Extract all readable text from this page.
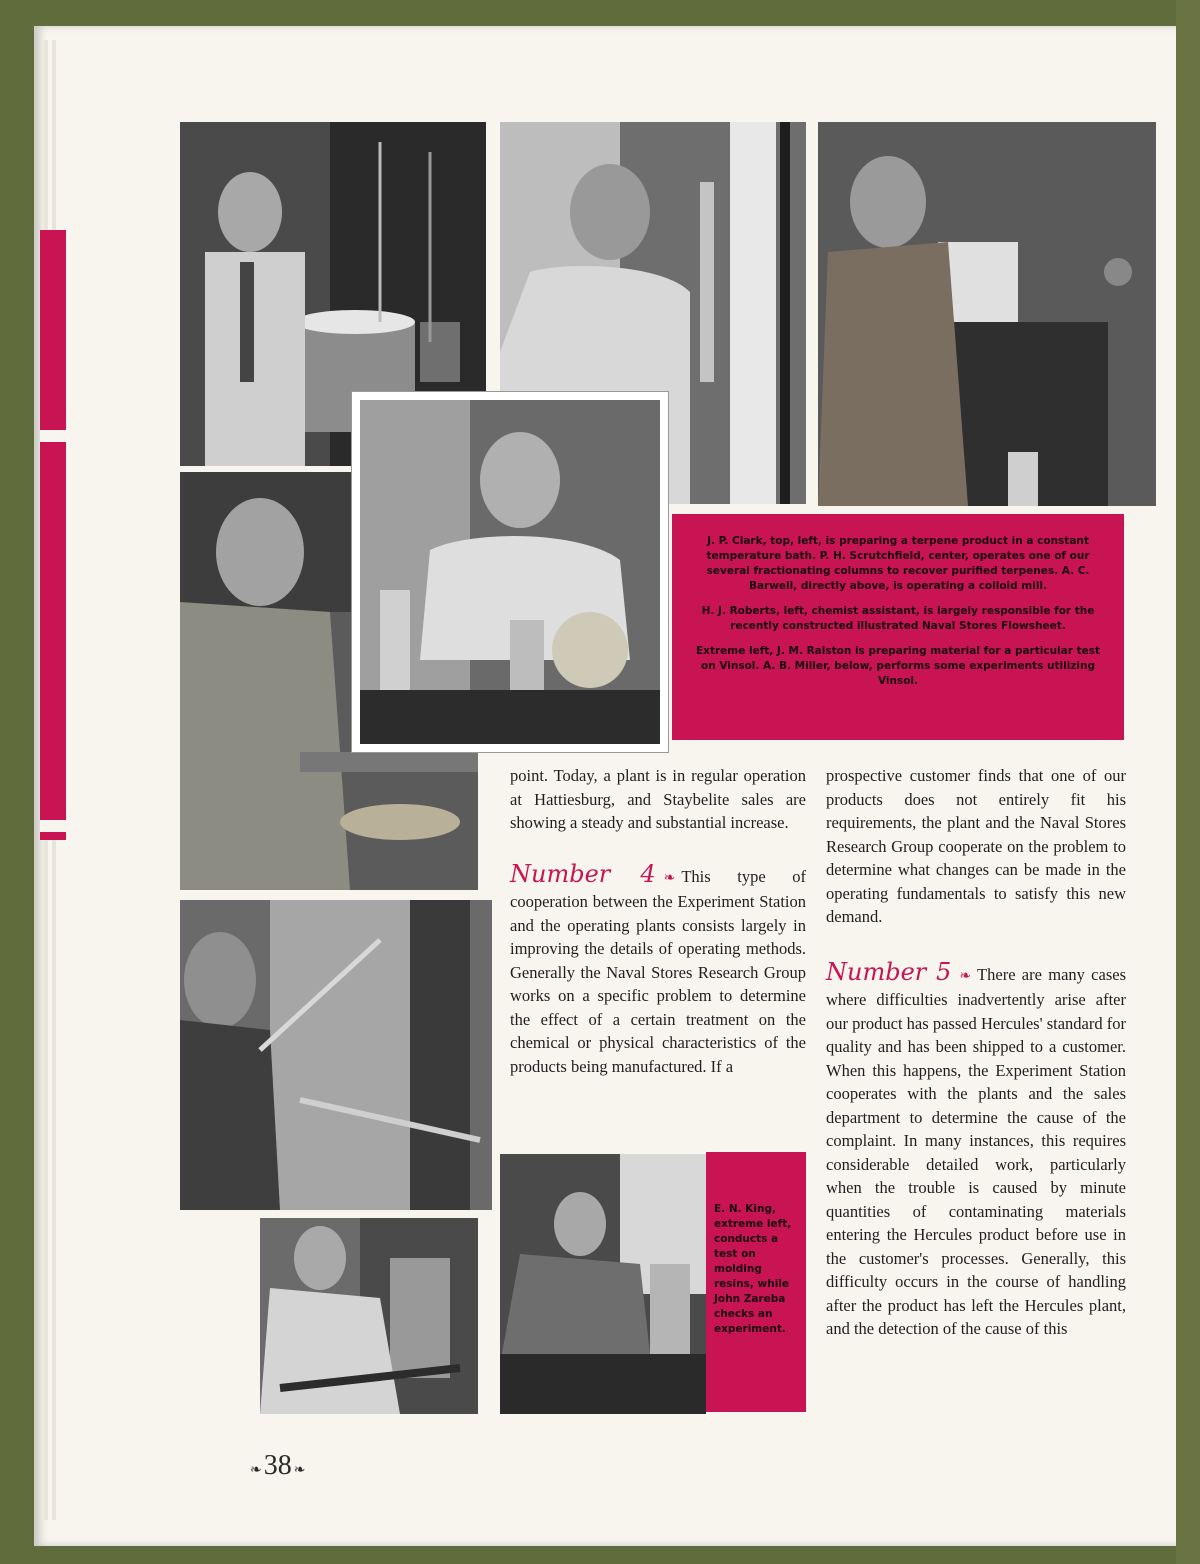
J. P. Clark, top, left, is preparing a terpene product in a constant temperature bath. P. H. Scrutchfield, center, operates one of our several fractionating columns to recover purified terpenes. A. C. Barwell, directly above, is operating a colloid mill.

H. J. Roberts, left, chemist assistant, is largely responsible for the recently constructed illustrated Naval Stores Flowsheet.

Extreme left, J. M. Ralston is preparing material for a particular test on Vinsol. A. B. Miller, below, performs some experiments utilizing Vinsol.

E. N. King, extreme left, conducts a test on molding resins, while John Zareba checks an experiment.

point. Today, a plant is in regular operation at Hattiesburg, and Staybelite sales are showing a steady and substantial increase.

Number 4 ❧ This type of cooperation between the Experiment Station and the operating plants consists largely in improving the details of operating methods. Generally the Naval Stores Research Group works on a specific problem to determine the effect of a certain treatment on the chemical or physical characteristics of the products being manufactured. If a

prospective customer finds that one of our products does not entirely fit his requirements, the plant and the Naval Stores Research Group cooperate on the problem to determine what changes can be made in the operating fundamentals to satisfy this new demand.

Number 5 ❧ There are many cases where difficulties inadvertently arise after our product has passed Hercules' standard for quality and has been shipped to a customer. When this happens, the Experiment Station cooperates with the plants and the sales department to determine the cause of the complaint. In many instances, this requires considerable detailed work, particularly when the trouble is caused by minute quantities of contaminating materials entering the Hercules product before use in the customer's processes. Generally, this difficulty occurs in the course of handling after the product has left the Hercules plant, and the detection of the cause of this

❧38 ❧
